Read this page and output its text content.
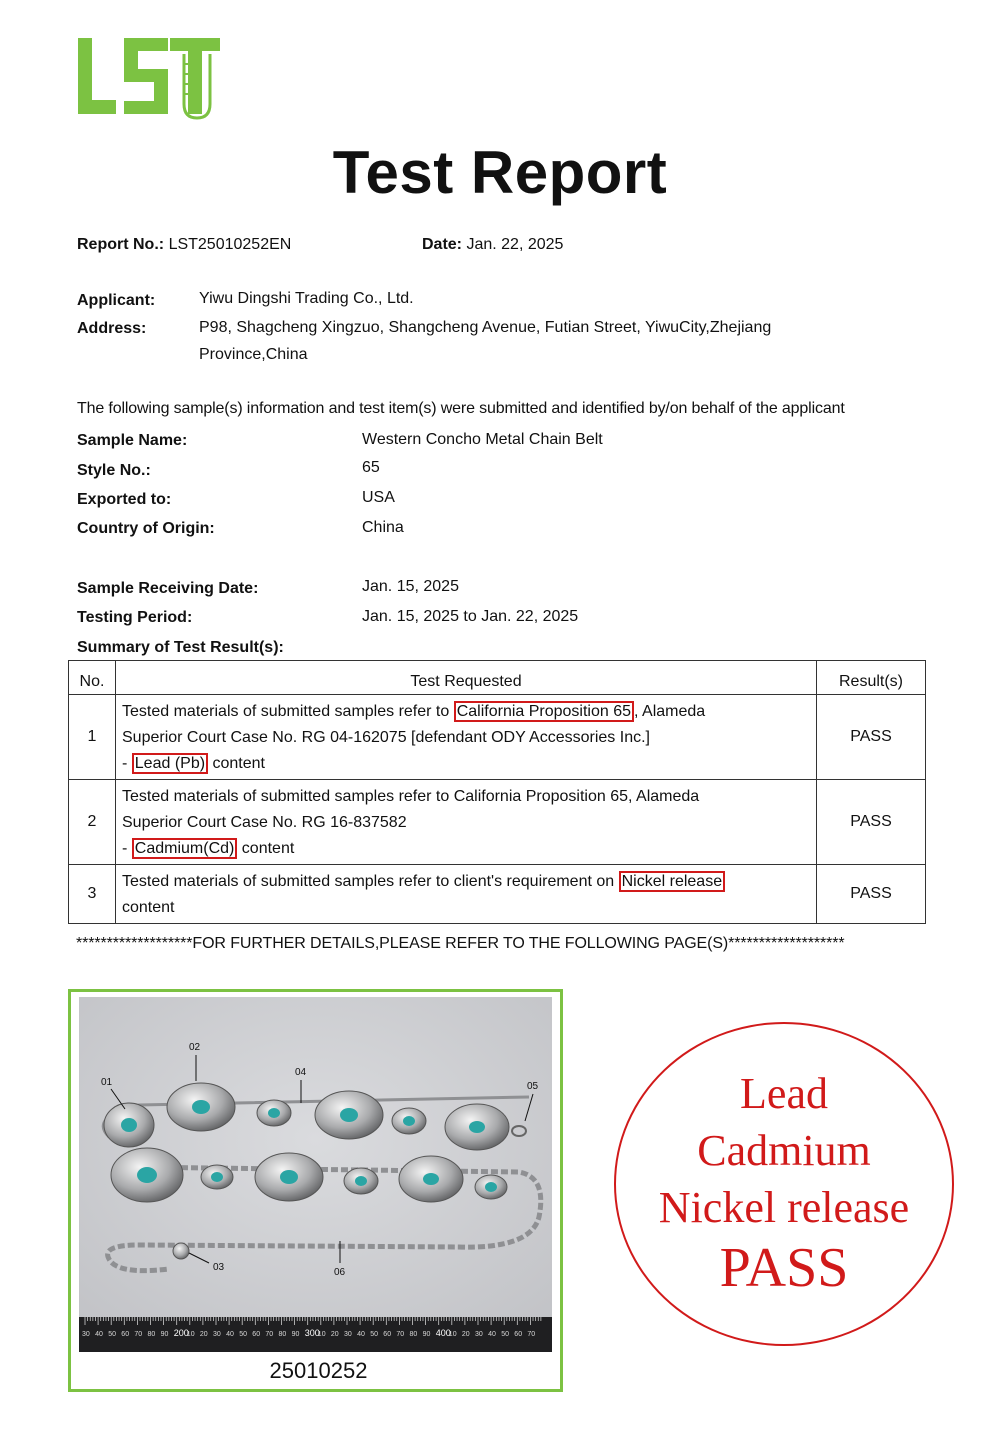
Test Report
Report No.: LST25010252EN	Date: Jan. 22, 2025
Applicant:	Yiwu Dingshi Trading Co., Ltd.
Address:	P98, Shagcheng Xingzuo, Shangcheng Avenue, Futian Street, YiwuCity,Zhejiang
Province,China
The following sample(s) information and test item(s) were submitted and identified by/on behalf of the applicant
Sample Name:	Western Concho Metal Chain Belt
Style No.:	65
Exported to:	USA
Country of Origin:	China
Sample Receiving Date:	Jan. 15, 2025
Testing Period:	Jan. 15, 2025 to Jan. 22, 2025
Summary of Test Result(s):
No.	Test Requested	Result(s)
1	Tested materials of submitted samples refer to California Proposition 65 , Alameda
Superior Court Case No. RG 04-162075 [defendant ODY Accessories Inc.]
- Lead (Pb) content	PASS
2	Tested materials of submitted samples refer to California Proposition 65, Alameda
Superior Court Case No. RG 16-837582
- Cadmium(Cd) content	PASS
3	Tested materials of submitted samples refer to client's requirement on Nickel release
content	PASS
*******************FOR FURTHER DETAILS,PLEASE REFER TO THE FOLLOWING PAGE(S)*******************
01
02
03
04
05
06
30 40 50 60 70 80 90 200
10 20 30 40 50 60 70 80 90 300
10 20 30 40 50 60 70 80 90 400
10 20 30 40 50 60 70
25010252
Lead
Cadmium
Nickel release
PASS
